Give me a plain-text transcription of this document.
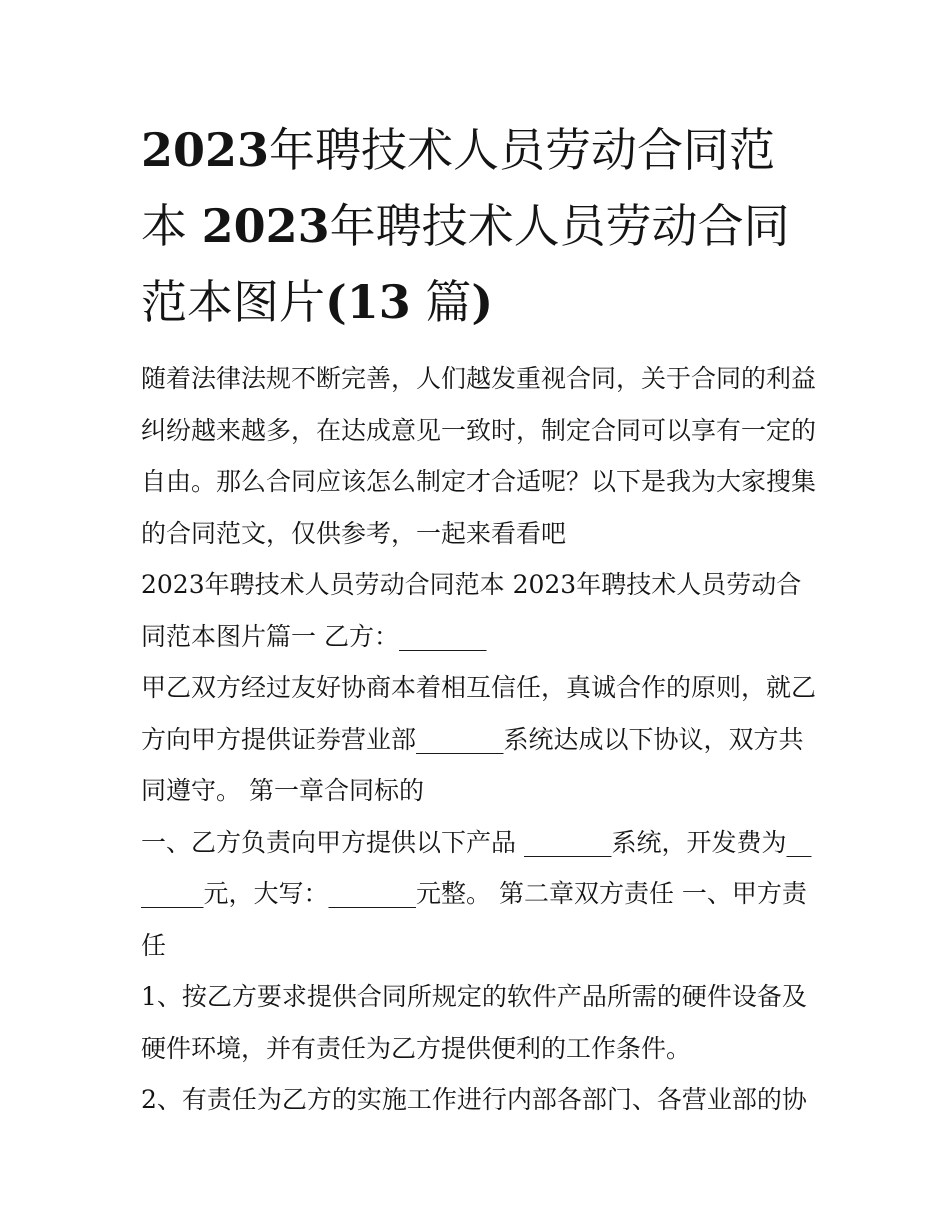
2023年聘技术人员劳动合同范本 2023年聘技术人员劳动合同范本图片(13 篇)

随着法律法规不断完善，人们越发重视合同，关于合同的利益纠纷越来越多，在达成意见一致时，制定合同可以享有一定的自由。那么合同应该怎么制定才合适呢？以下是我为大家搜集的合同范文，仅供参考，一起来看看吧

2023年聘技术人员劳动合同范本 2023年聘技术人员劳动合同范本图片篇一 乙方：_______

甲乙双方经过友好协商本着相互信任，真诚合作的原则，就乙方向甲方提供证券营业部_______系统达成以下协议，双方共同遵守。 第一章合同标的

一、乙方负责向甲方提供以下产品 _______系统，开发费为_______元，大写：_______元整。 第二章双方责任 一、甲方责任

1、按乙方要求提供合同所规定的软件产品所需的硬件设备及硬件环境，并有责任为乙方提供便利的工作条件。

2、有责任为乙方的实施工作进行内部各部门、各营业部的协
